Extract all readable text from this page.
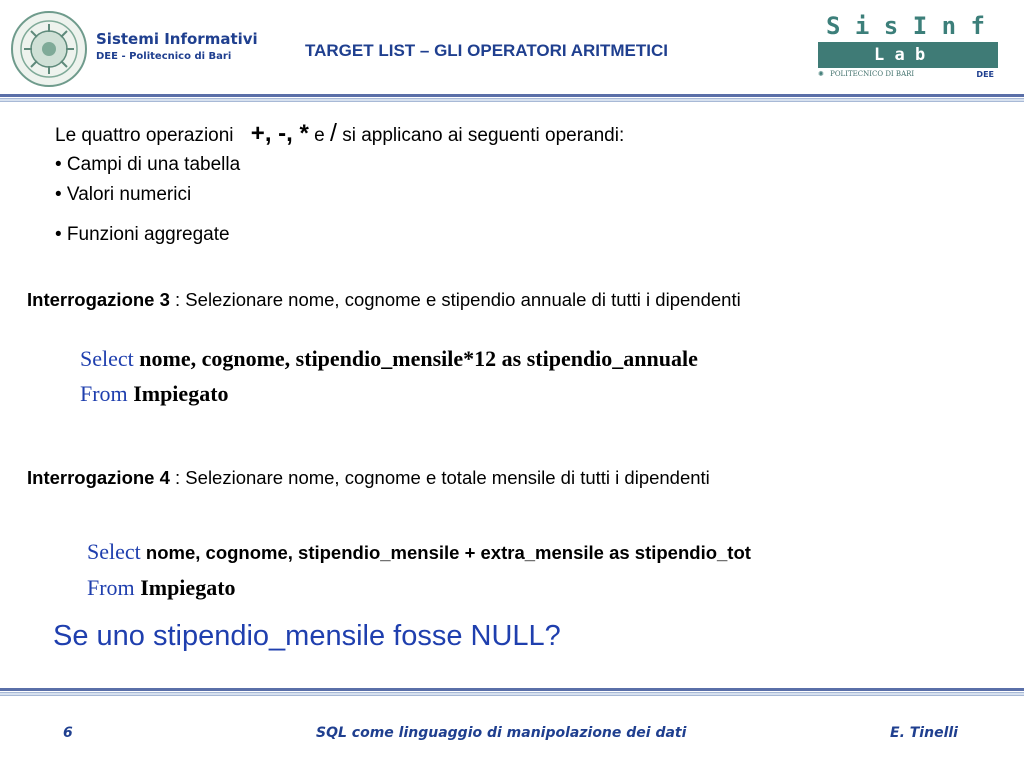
Sistemi Informativi
DEE - Politecnico di Bari	TARGET LIST – GLI OPERATORI ARITMETICI
S i s I n f
L a b
✺ POLITECNICO DI BARI	DEE
Le quattro operazioni +, -, * e / si applicano ai seguenti operandi:
• Campi di una tabella
• Valori numerici
• Funzioni aggregate
Interrogazione 3 : Selezionare nome, cognome e stipendio annuale di tutti i dipendenti
Select nome, cognome, stipendio_mensile*12 as stipendio_annuale
From Impiegato
Interrogazione 4 : Selezionare nome, cognome e totale mensile di tutti i dipendenti
Select nome, cognome, stipendio_mensile + extra_mensile as stipendio_tot
From Impiegato
Se uno stipendio_mensile fosse NULL?
6	SQL come linguaggio di manipolazione dei dati	E. Tinelli
